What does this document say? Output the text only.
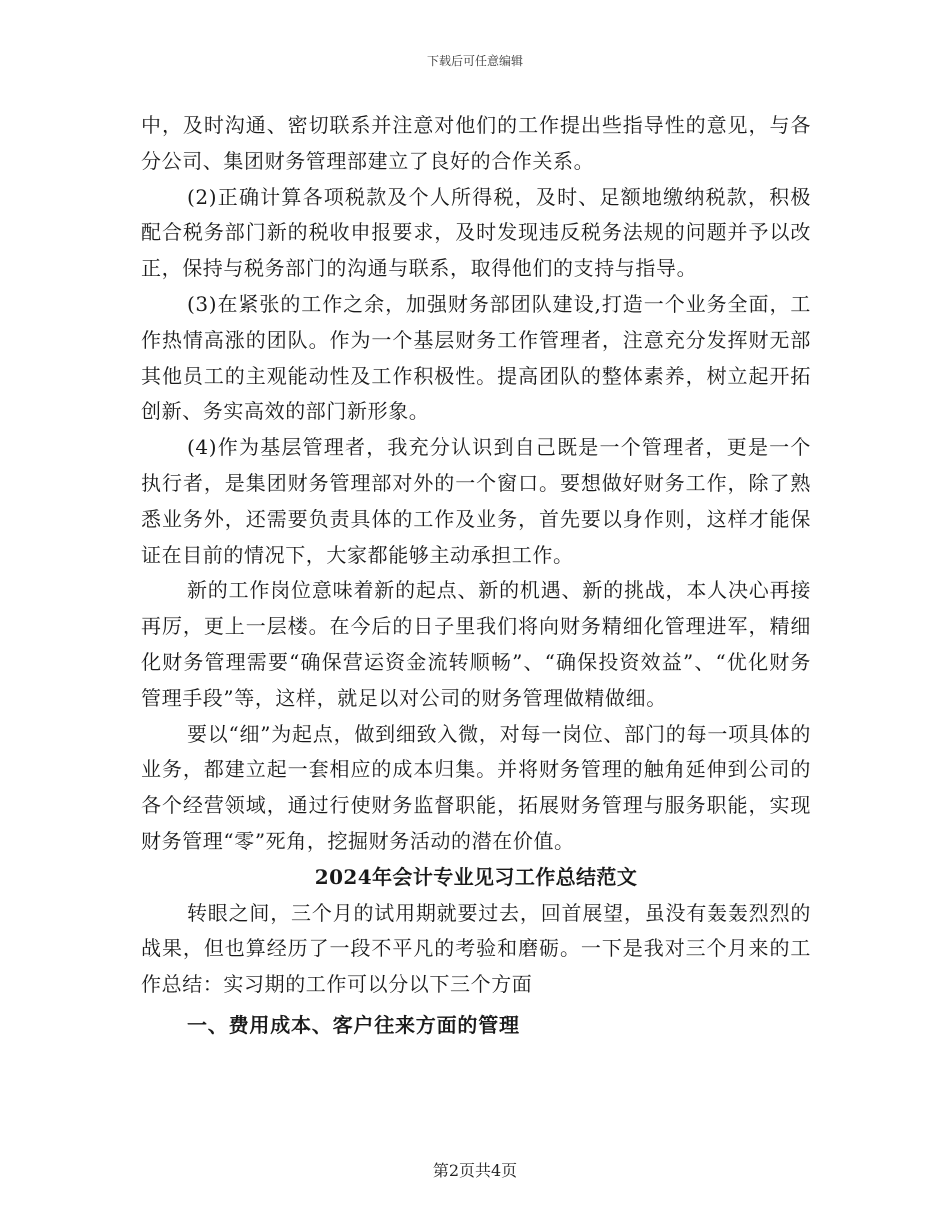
下载后可任意编辑

中，及时沟通、密切联系并注意对他们的工作提出些指导性的意见，与各分公司、集团财务管理部建立了良好的合作关系。

(2)正确计算各项税款及个人所得税，及时、足额地缴纳税款，积极配合税务部门新的税收申报要求，及时发现违反税务法规的问题并予以改正，保持与税务部门的沟通与联系，取得他们的支持与指导。

(3)在紧张的工作之余，加强财务部团队建设,打造一个业务全面，工作热情高涨的团队。作为一个基层财务工作管理者，注意充分发挥财无部其他员工的主观能动性及工作积极性。提高团队的整体素养，树立起开拓创新、务实高效的部门新形象。

(4)作为基层管理者，我充分认识到自己既是一个管理者，更是一个执行者，是集团财务管理部对外的一个窗口。要想做好财务工作，除了熟悉业务外，还需要负责具体的工作及业务，首先要以身作则，这样才能保证在目前的情况下，大家都能够主动承担工作。

新的工作岗位意味着新的起点、新的机遇、新的挑战，本人决心再接再厉，更上一层楼。在今后的日子里我们将向财务精细化管理进军，精细化财务管理需要“确保营运资金流转顺畅”、“确保投资效益”、“优化财务管理手段”等，这样，就足以对公司的财务管理做精做细。

要以“细”为起点，做到细致入微，对每一岗位、部门的每一项具体的业务，都建立起一套相应的成本归集。并将财务管理的触角延伸到公司的各个经营领域，通过行使财务监督职能，拓展财务管理与服务职能，实现财务管理“零”死角，挖掘财务活动的潜在价值。

2024年会计专业见习工作总结范文

转眼之间，三个月的试用期就要过去，回首展望，虽没有轰轰烈烈的战果，但也算经历了一段不平凡的考验和磨砺。一下是我对三个月来的工作总结：实习期的工作可以分以下三个方面

一、费用成本、客户往来方面的管理

第2页共4页
